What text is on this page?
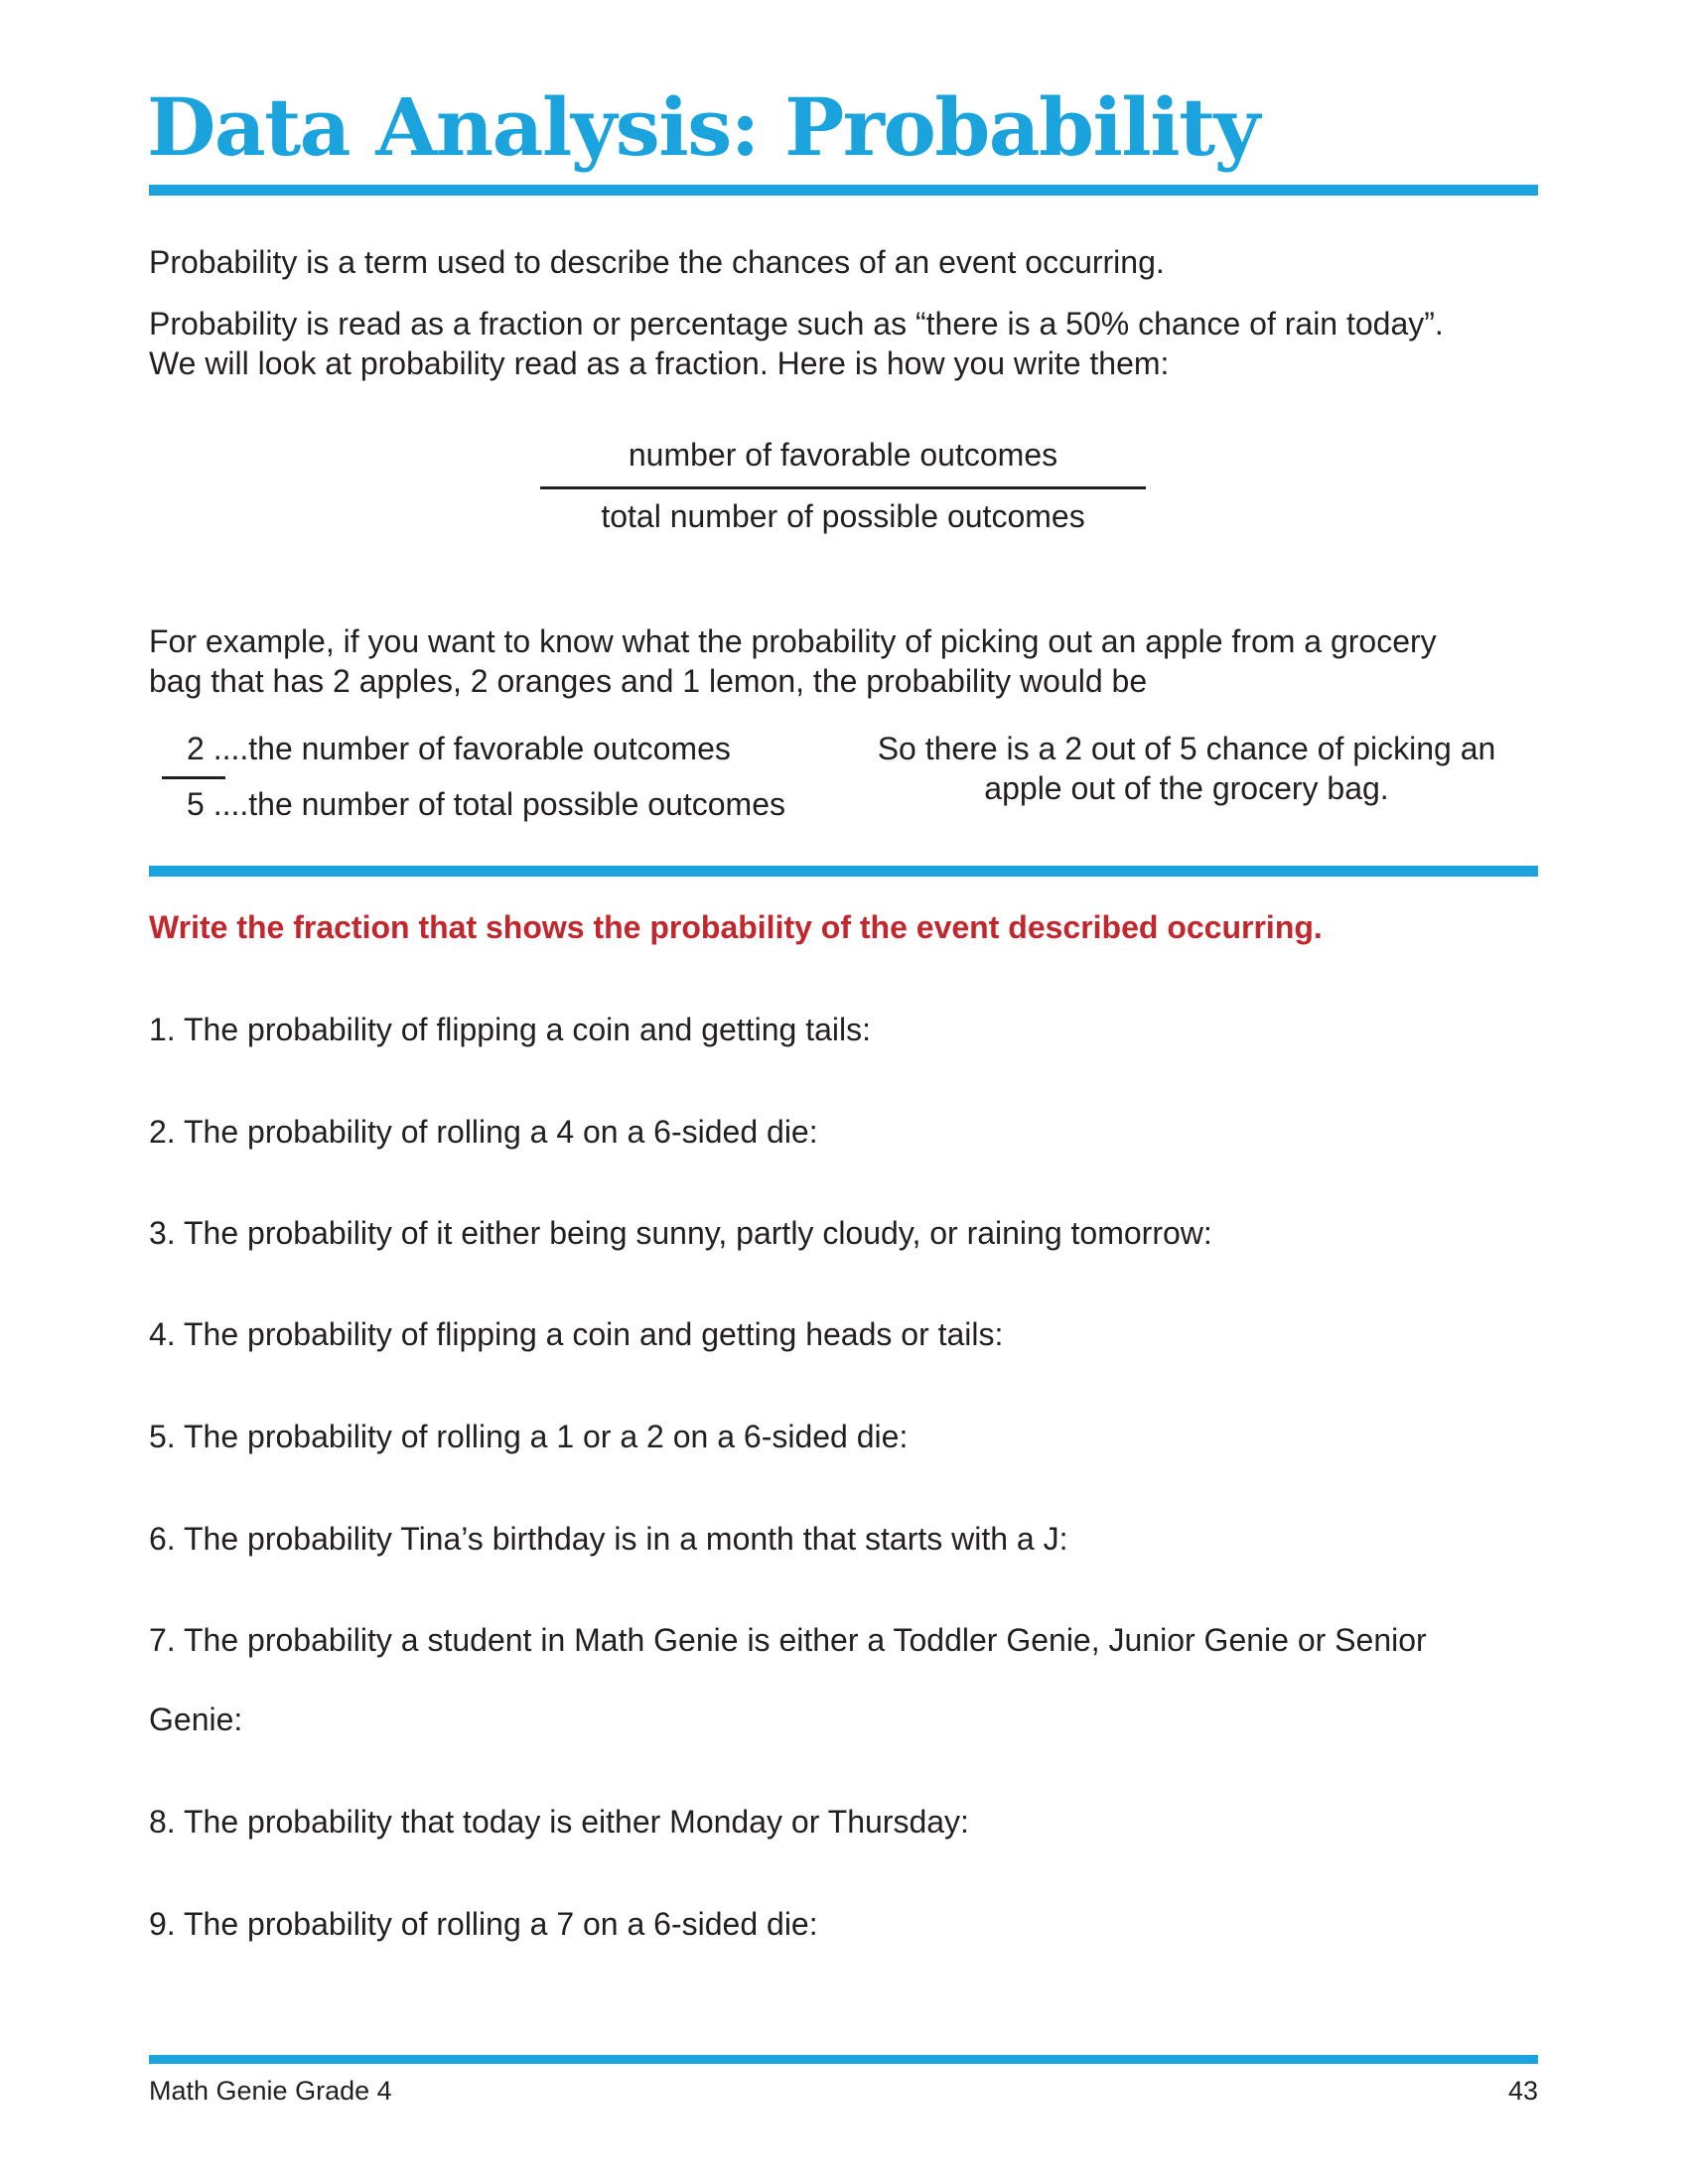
Data Analysis: Probability
Probability is a term used to describe the chances of an event occurring.
Probability is read as a fraction or percentage such as “there is a 50% chance of rain today”.
We will look at probability read as a fraction. Here is how you write them:
number of favorable outcomes
total number of possible outcomes
For example, if you want to know what the probability of picking out an apple from a grocery
bag that has 2 apples, 2 oranges and 1 lemon, the probability would be
2 ....the number of favorable outcomes
5 ....the number of total possible outcomes
So there is a 2 out of 5 chance of picking an
apple out of the grocery bag.
Write the fraction that shows the probability of the event described occurring.
1. The probability of flipping a coin and getting tails:
2. The probability of rolling a 4 on a 6-sided die:
3. The probability of it either being sunny, partly cloudy, or raining tomorrow:
4. The probability of flipping a coin and getting heads or tails:
5. The probability of rolling a 1 or a 2 on a 6-sided die:
6. The probability Tina’s birthday is in a month that starts with a J:
7. The probability a student in Math Genie is either a Toddler Genie, Junior Genie or Senior
Genie:
8. The probability that today is either Monday or Thursday:
9. The probability of rolling a 7 on a 6-sided die:
Math Genie Grade 4	43
